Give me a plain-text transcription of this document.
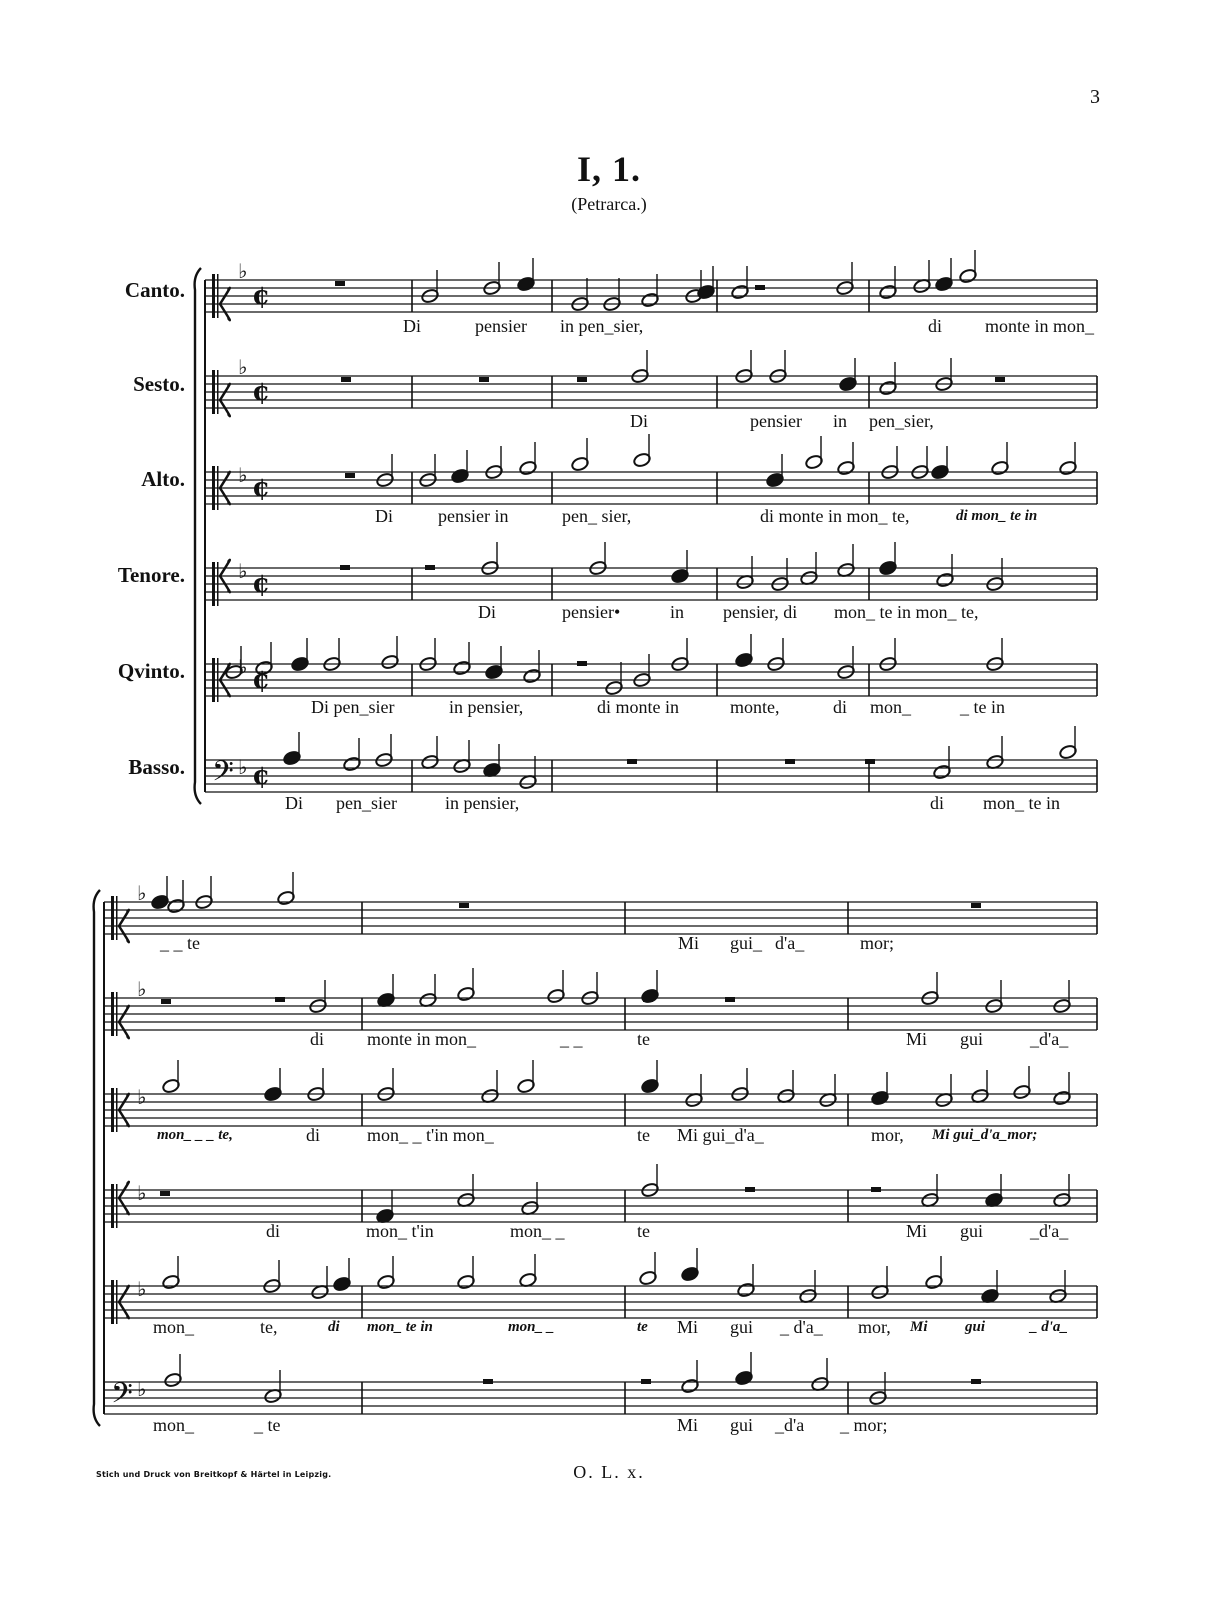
3
I, 1.
(Petrarca.)
Canto.
Sesto.
Alto.
Tenore.
Qvinto.
Basso.
♭
¢
♭
¢
♭ ¢
♭ ¢
♭ ¢
𝄢 ♭ ¢
♭
♭
♭
♭
♭
𝄢 ♭
Di	pensier in pen_sier,	di monte in mon_
Di	pensier in pen_sier,
Di	pensier in	pen_ sier,	di monte in mon_ te,	di mon_ te in
Di	pensier•	in pensier, di mon_ te in mon_ te,
Di pen_sier	in pensier,	di monte in	monte,	di mon_	_ te in
Di pen_sier	in pensier,	di mon_ te in
_ _ te	Mi gui_ d'a_	mor;
di monte in mon_	_ _	te	Mi gui	_d'a_
mon_ _ _ te,	di	mon_ _ t'in mon_	te Mi gui_d'a_	mor, Mi gui_d'a_mor;
di	mon_ t'in	mon_ _	te	Mi gui	_d'a_
mon_	te,	di mon_ te in	mon_ _	te Mi gui _ d'a_ mor, Mi gui	_ d'a_
mon_	_ te	Mi gui _d'a _ mor;
Stich und Druck von Breitkopf & Härtel in Leipzig.	O. L. x.
